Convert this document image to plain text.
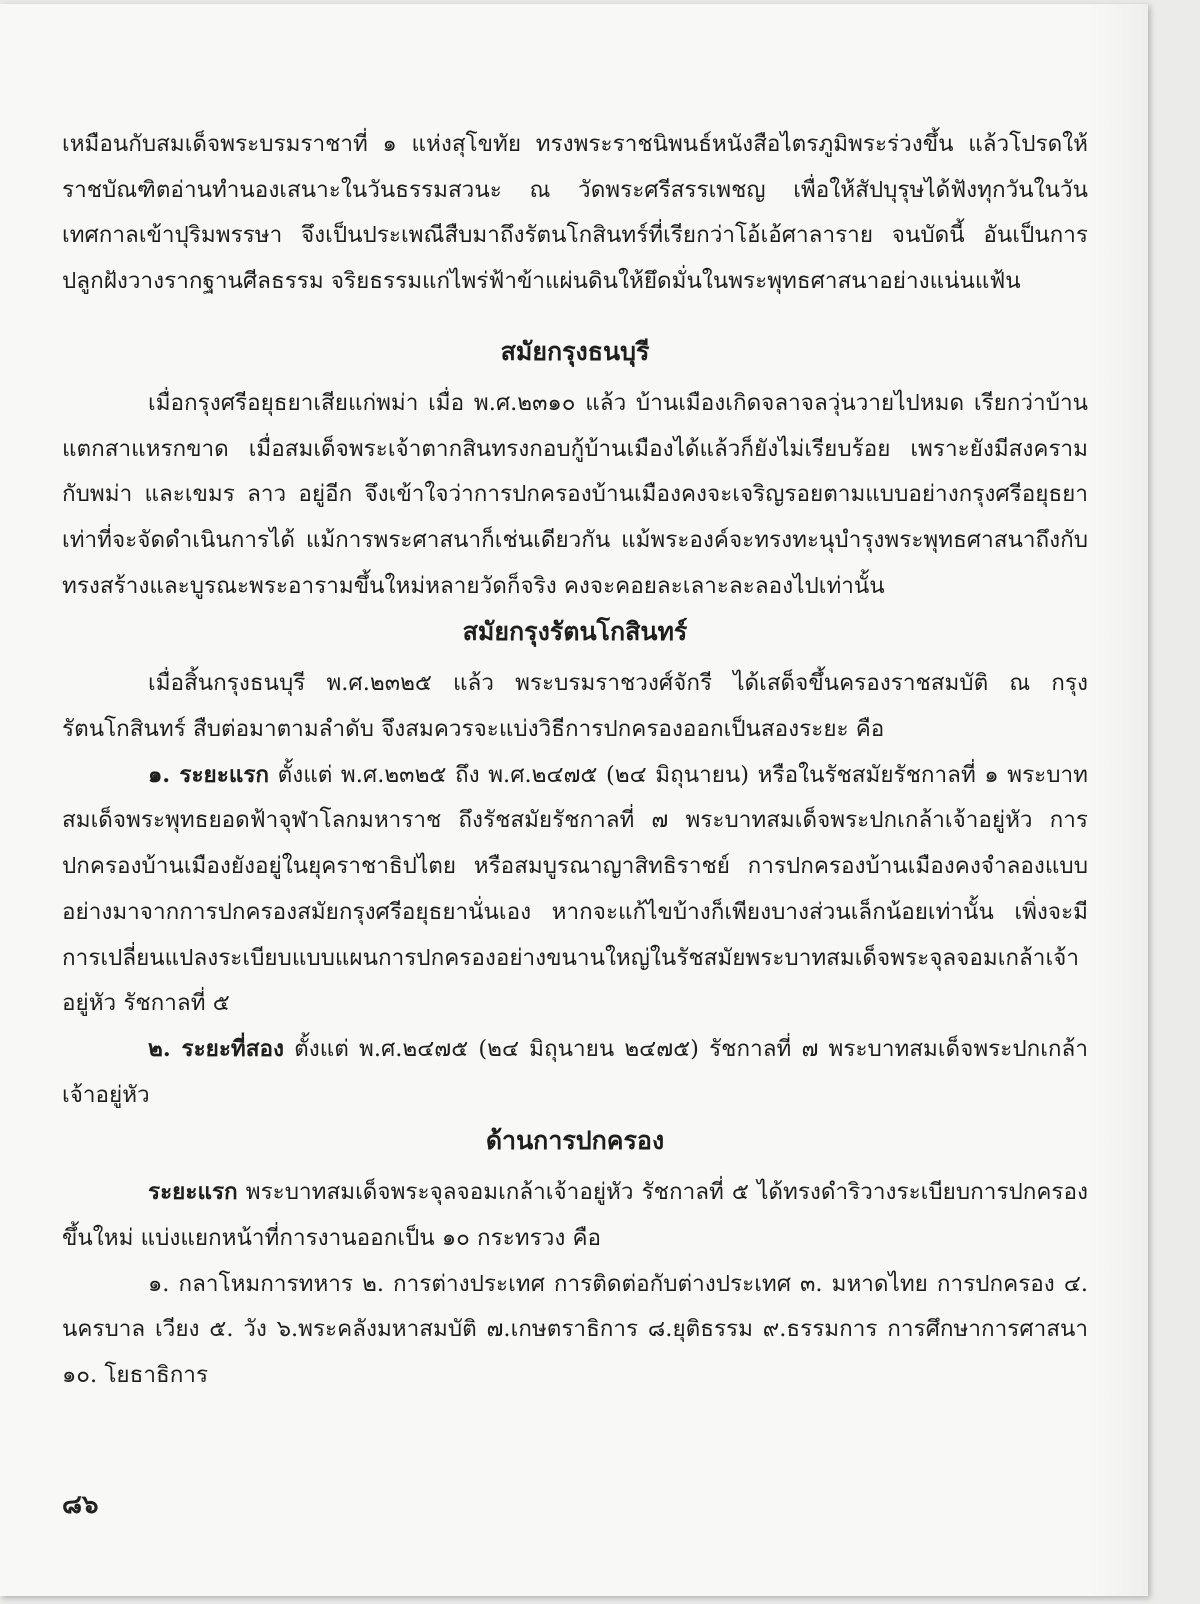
เหมือนกับสมเด็จพระบรมราชาที่ ๑ แห่งสุโขทัย ทรงพระราชนิพนธ์หนังสือไตรภูมิพระร่วงขึ้น แล้วโปรดให้ราชบัณฑิตอ่านทำนองเสนาะในวันธรรมสวนะ ณ วัดพระศรีสรรเพชญ เพื่อให้สัปบุรุษได้ฟังทุกวันในวันเทศกาลเข้าปุริมพรรษา จึงเป็นประเพณีสืบมาถึงรัตนโกสินทร์ที่เรียกว่าโอ้เอ้ศาลาราย จนบัดนี้ อันเป็นการปลูกฝังวางรากฐานศีลธรรม จริยธรรมแก่ไพร่ฟ้าข้าแผ่นดินให้ยึดมั่นในพระพุทธศาสนาอย่างแน่นแฟ้น

สมัยกรุงธนบุรี

เมื่อกรุงศรีอยุธยาเสียแก่พม่า เมื่อ พ.ศ.๒๓๑๐ แล้ว บ้านเมืองเกิดจลาจลวุ่นวายไปหมด เรียกว่าบ้านแตกสาแหรกขาด เมื่อสมเด็จพระเจ้าตากสินทรงกอบกู้บ้านเมืองได้แล้วก็ยังไม่เรียบร้อย เพราะยังมีสงครามกับพม่า และเขมร ลาว อยู่อีก จึงเข้าใจว่าการปกครองบ้านเมืองคงจะเจริญรอยตามแบบอย่างกรุงศรีอยุธยาเท่าที่จะจัดดำเนินการได้ แม้การพระศาสนาก็เช่นเดียวกัน แม้พระองค์จะทรงทะนุบำรุงพระพุทธศาสนาถึงกับทรงสร้างและบูรณะพระอารามขึ้นใหม่หลายวัดก็จริง คงจะคอยละเลาะละลองไปเท่านั้น

สมัยกรุงรัตนโกสินทร์

เมื่อสิ้นกรุงธนบุรี พ.ศ.๒๓๒๕ แล้ว พระบรมราชวงศ์จักรี ได้เสด็จขึ้นครองราชสมบัติ ณ กรุงรัตนโกสินทร์ สืบต่อมาตามลำดับ จึงสมควรจะแบ่งวิธีการปกครองออกเป็นสองระยะ คือ

๑. ระยะแรก ตั้งแต่ พ.ศ.๒๓๒๕ ถึง พ.ศ.๒๔๗๕ (๒๔ มิถุนายน) หรือในรัชสมัยรัชกาลที่ ๑ พระบาทสมเด็จพระพุทธยอดฟ้าจุฬาโลกมหาราช ถึงรัชสมัยรัชกาลที่ ๗ พระบาทสมเด็จพระปกเกล้าเจ้าอยู่หัว การปกครองบ้านเมืองยังอยู่ในยุคราชาธิปไตย หรือสมบูรณาญาสิทธิราชย์ การปกครองบ้านเมืองคงจำลองแบบอย่างมาจากการปกครองสมัยกรุงศรีอยุธยานั่นเอง หากจะแก้ไขบ้างก็เพียงบางส่วนเล็กน้อยเท่านั้น เพิ่งจะมีการเปลี่ยนแปลงระเบียบแบบแผนการปกครองอย่างขนานใหญ่ในรัชสมัยพระบาทสมเด็จพระจุลจอมเกล้าเจ้าอยู่หัว รัชกาลที่ ๕

๒. ระยะที่สอง ตั้งแต่ พ.ศ.๒๔๗๕ (๒๔ มิถุนายน ๒๔๗๕) รัชกาลที่ ๗ พระบาทสมเด็จพระปกเกล้าเจ้าอยู่หัว

ด้านการปกครอง

ระยะแรก พระบาทสมเด็จพระจุลจอมเกล้าเจ้าอยู่หัว รัชกาลที่ ๕ ได้ทรงดำริวางระเบียบการปกครองขึ้นใหม่ แบ่งแยกหน้าที่การงานออกเป็น ๑๐ กระทรวง คือ

๑. กลาโหมการทหาร ๒. การต่างประเทศ การติดต่อกับต่างประเทศ ๓. มหาดไทย การปกครอง ๔. นครบาล เวียง ๕. วัง ๖.พระคลังมหาสมบัติ ๗.เกษตราธิการ ๘.ยุติธรรม ๙.ธรรมการ การศึกษาการศาสนา ๑๐. โยธาธิการ

๘๖
